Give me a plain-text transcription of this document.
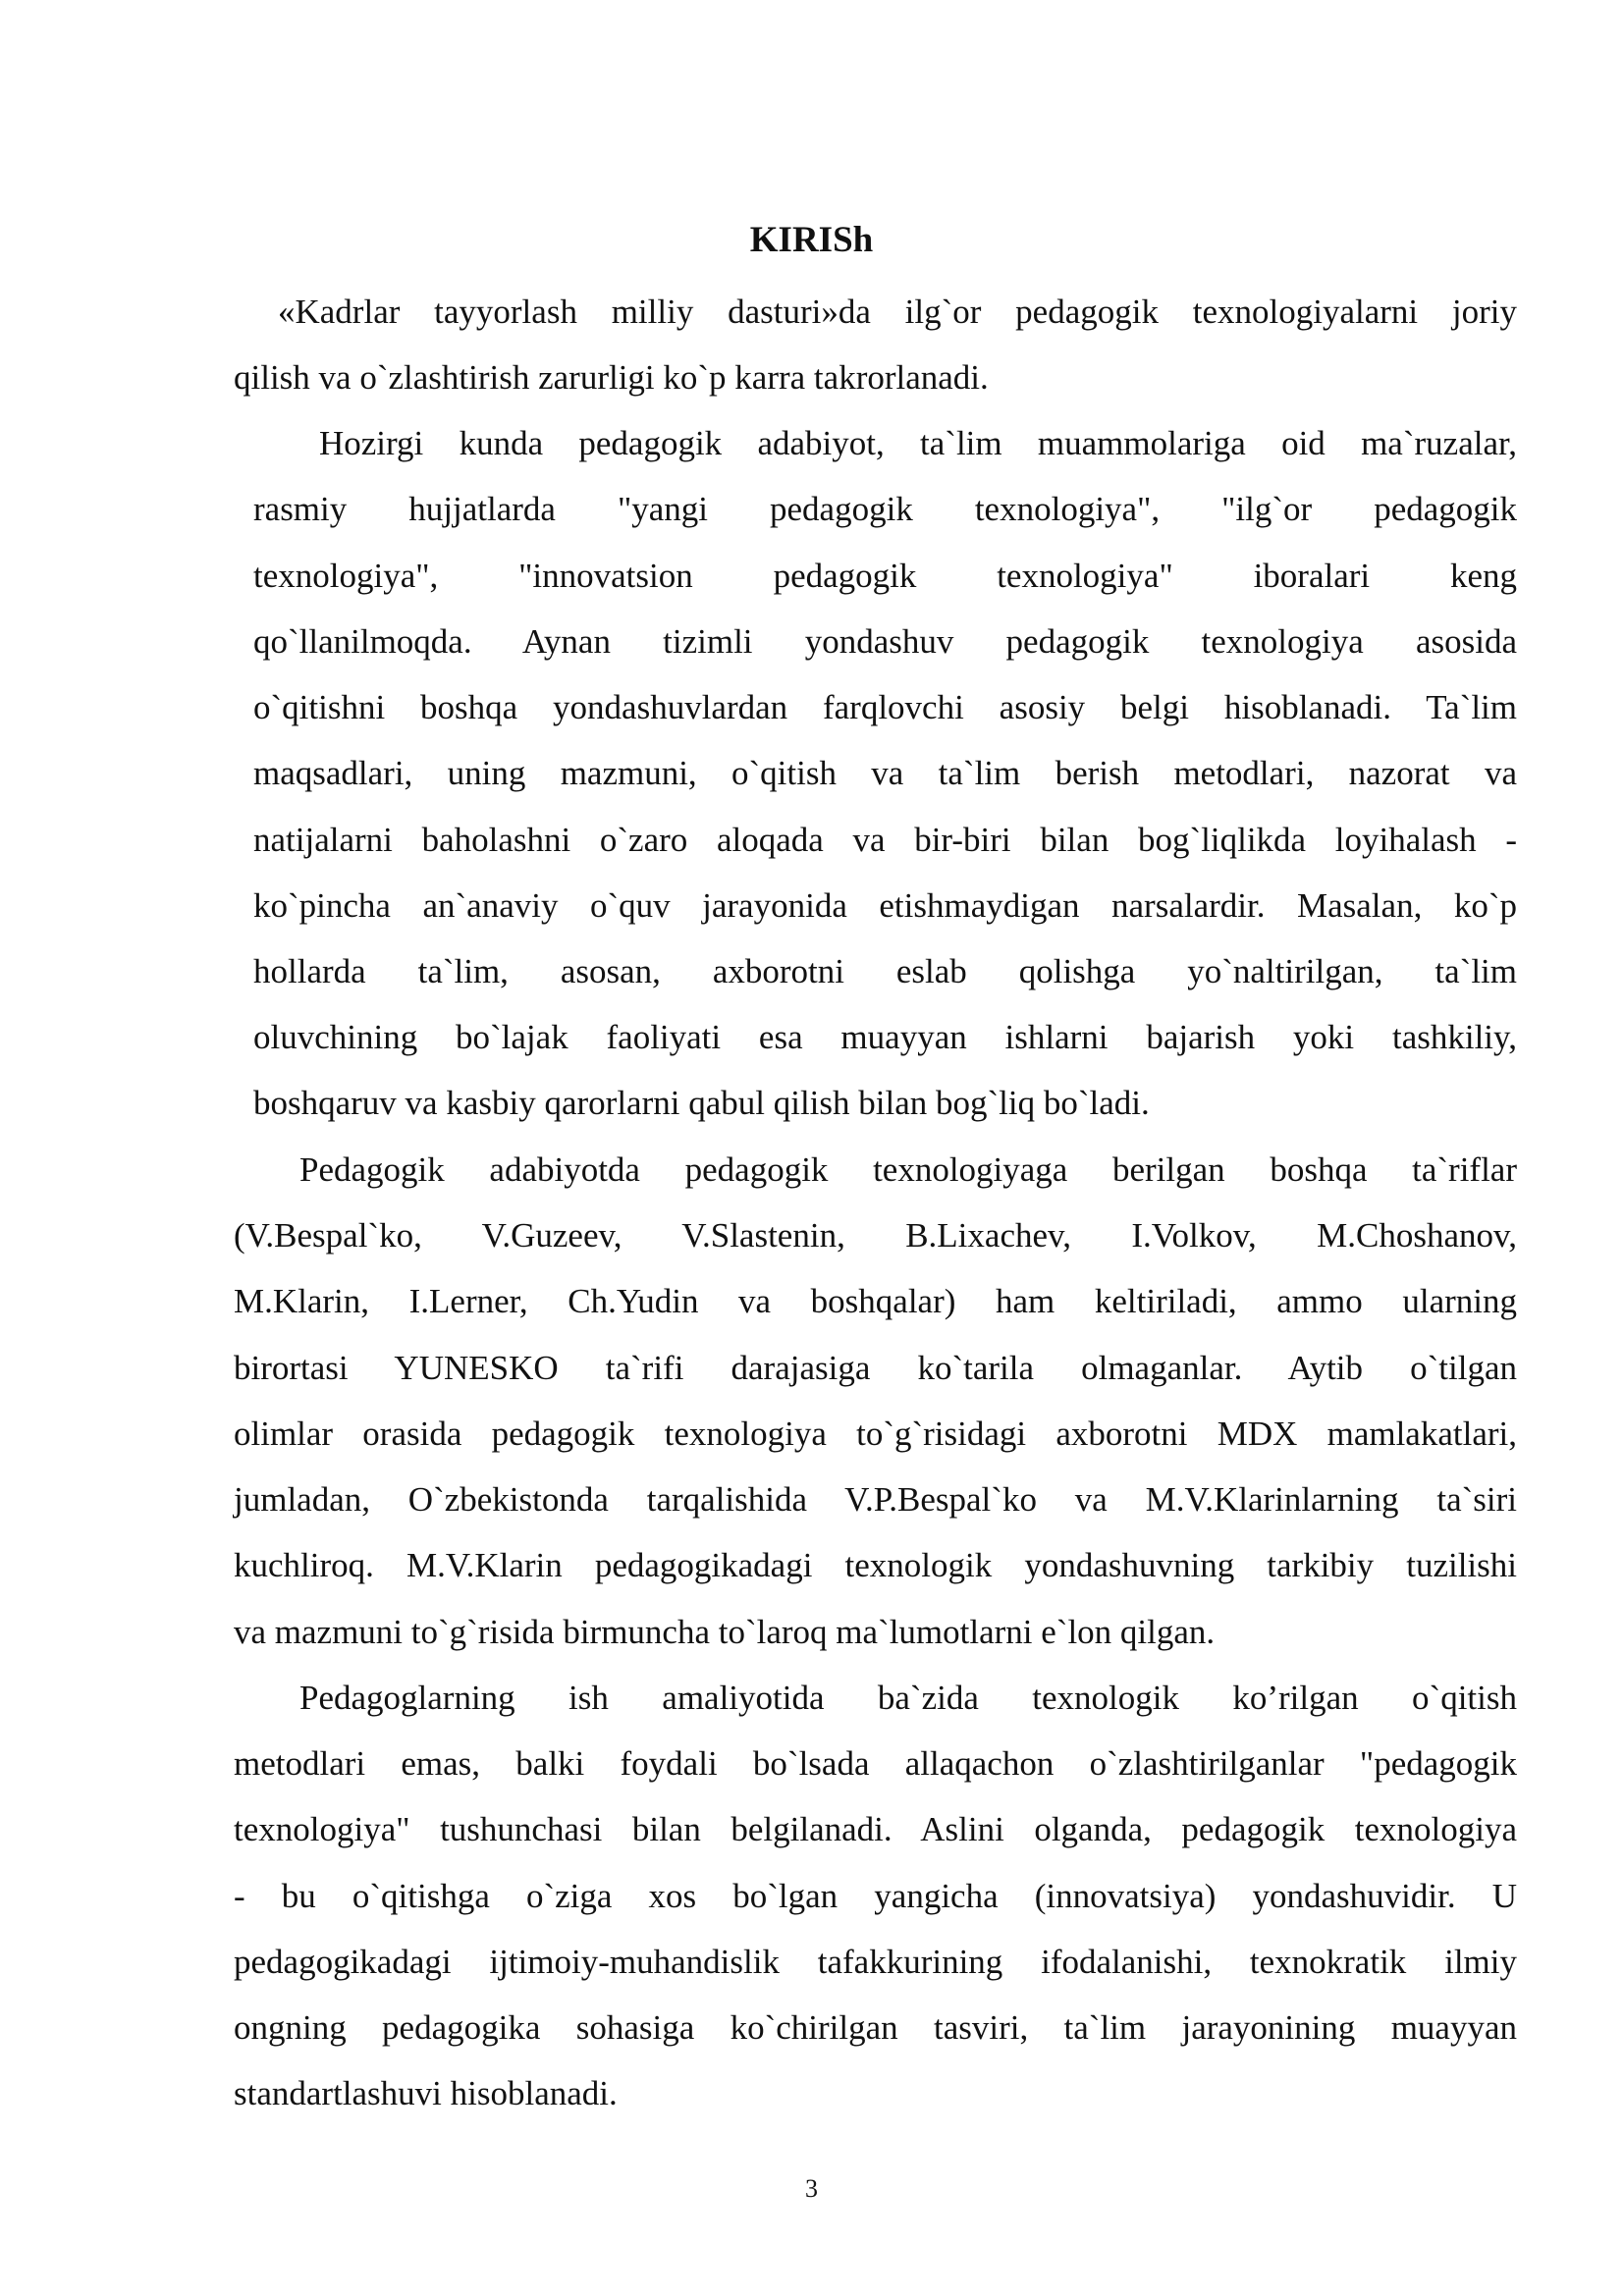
KIRISh
«Kadrlar tayyorlash milliy dasturi»da ilg`or pedagogik texnologiyalarni joriy
qilish va o`zlashtirish zarurligi ko`p karra takrorlanadi.
Hozirgi kunda pedagogik adabiyot, ta`lim muammolariga oid ma`ruzalar,
rasmiy hujjatlarda "yangi pedagogik texnologiya", "ilg`or pedagogik
texnologiya", "innovatsion pedagogik texnologiya" iboralari keng
qo`llanilmoqda. Aynan tizimli yondashuv pedagogik texnologiya asosida
o`qitishni boshqa yondashuvlardan farqlovchi asosiy belgi hisoblanadi. Ta`lim
maqsadlari, uning mazmuni, o`qitish va ta`lim berish metodlari, nazorat va
natijalarni baholashni o`zaro aloqada va bir-biri bilan bog`liqlikda loyihalash -
ko`pincha an`anaviy o`quv jarayonida etishmaydigan narsalardir. Masalan, ko`p
hollarda ta`lim, asosan, axborotni eslab qolishga yo`naltirilgan, ta`lim
oluvchining bo`lajak faoliyati esa muayyan ishlarni bajarish yoki tashkiliy,
boshqaruv va kasbiy qarorlarni qabul qilish bilan bog`liq bo`ladi.
Pedagogik adabiyotda pedagogik texnologiyaga berilgan boshqa ta`riflar
(V.Bespal`ko, V.Guzeev, V.Slastenin, B.Lixachev, I.Volkov, M.Choshanov,
M.Klarin, I.Lerner, Ch.Yudin va boshqalar) ham keltiriladi, ammo ularning
birortasi YUNESKO ta`rifi darajasiga ko`tarila olmaganlar. Aytib o`tilgan
olimlar orasida pedagogik texnologiya to`g`risidagi axborotni MDX mamlakatlari,
jumladan, O`zbekistonda tarqalishida V.P.Bespal`ko va M.V.Klarinlarning ta`siri
kuchliroq. M.V.Klarin pedagogikadagi texnologik yondashuvning tarkibiy tuzilishi
va mazmuni to`g`risida birmuncha to`laroq ma`lumotlarni e`lon qilgan.
Pedagoglarning ish amaliyotida ba`zida texnologik ko’rilgan o`qitish
metodlari emas, balki foydali bo`lsada allaqachon o`zlashtirilganlar "pedagogik
texnologiya" tushunchasi bilan belgilanadi. Aslini olganda, pedagogik texnologiya
- bu o`qitishga o`ziga xos bo`lgan yangicha (innovatsiya) yondashuvidir. U
pedagogikadagi ijtimoiy-muhandislik tafakkurining ifodalanishi, texnokratik ilmiy
ongning pedagogika sohasiga ko`chirilgan tasviri, ta`lim jarayonining muayyan
standartlashuvi hisoblanadi.
3
